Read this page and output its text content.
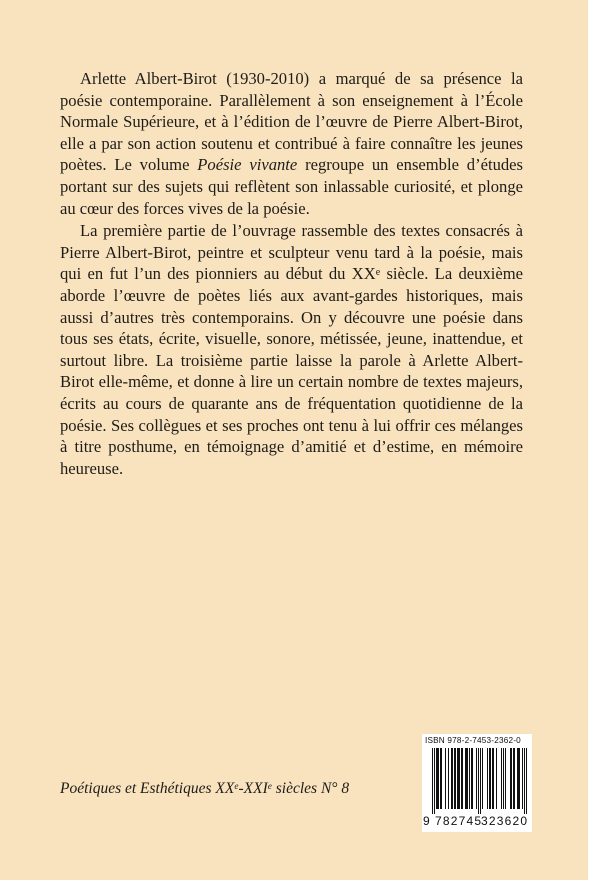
Arlette Albert-Birot (1930-2010) a marqué de sa présence la poésie contemporaine. Parallèlement à son enseignement à l’École Normale Supérieure, et à l’édition de l’œuvre de Pierre Albert-Birot, elle a par son action soutenu et contribué à faire connaître les jeunes poètes. Le volume Poésie vivante regroupe un ensemble d’études portant sur des sujets qui reflètent son inlassable curiosité, et plonge au cœur des forces vives de la poésie.

La première partie de l’ouvrage rassemble des textes consacrés à Pierre Albert-Birot, peintre et sculpteur venu tard à la poésie, mais qui en fut l’un des pionniers au début du XXe siècle. La deuxième aborde l’œuvre de poètes liés aux avant-gardes historiques, mais aussi d’autres très contemporains. On y découvre une poésie dans tous ses états, écrite, visuelle, sonore, métissée, jeune, inattendue, et surtout libre. La troisième partie laisse la parole à Arlette Albert-Birot elle-même, et donne à lire un certain nombre de textes majeurs, écrits au cours de quarante ans de fréquentation quotidienne de la poésie. Ses collègues et ses proches ont tenu à lui offrir ces mélanges à titre posthume, en témoignage d’amitié et d’estime, en mémoire heureuse.

Poétiques et Esthétiques XXe-XXIe siècles N° 8
ISBN 978-2-7453-2362-0
9 782745
323620
